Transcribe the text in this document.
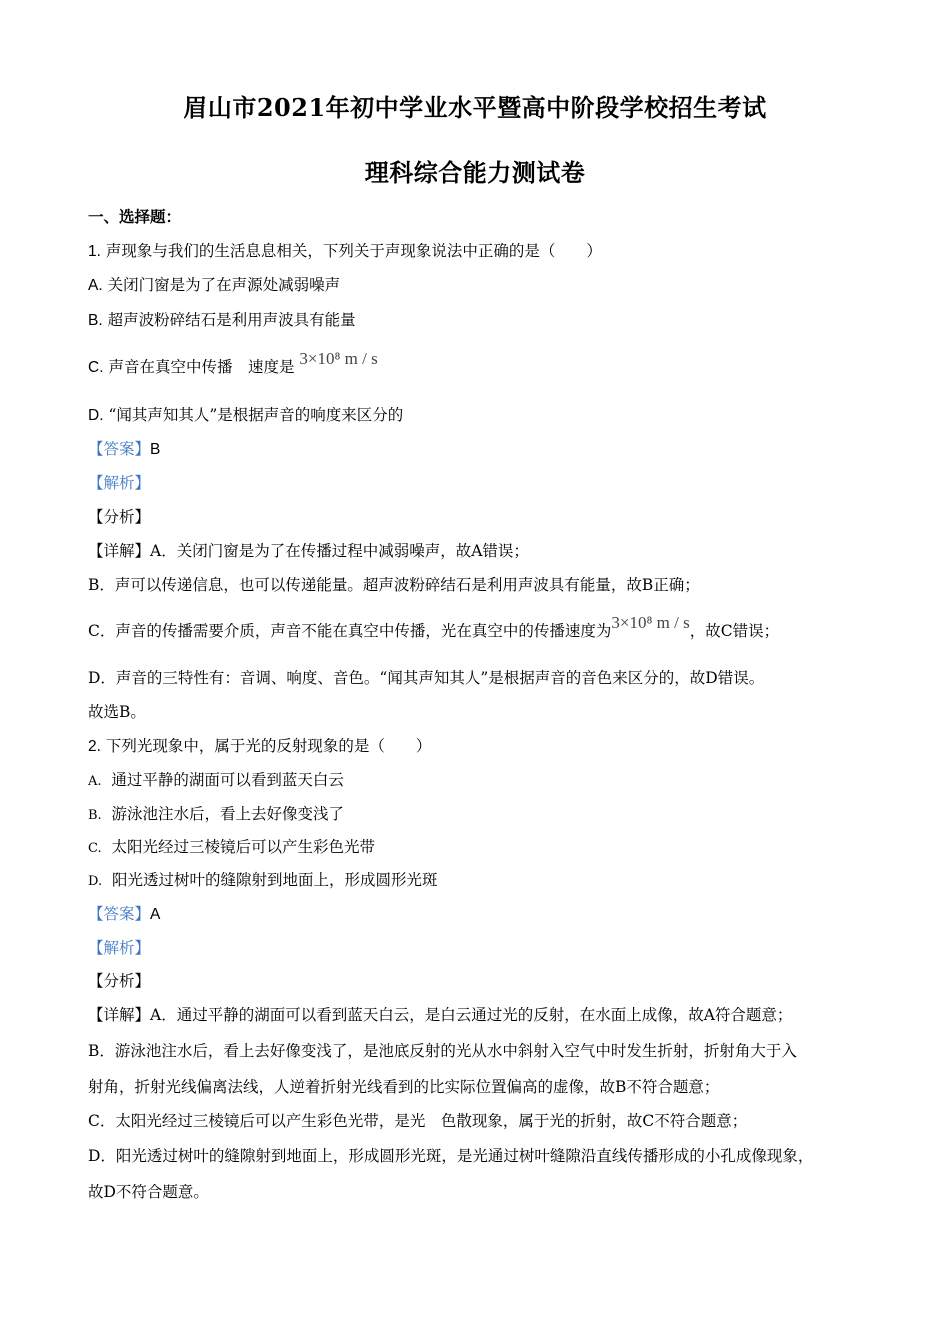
眉山市2021年初中学业水平暨高中阶段学校招生考试
理科综合能力测试卷
一、选择题：
1. 声现象与我们的生活息息相关，下列关于声现象说法中正确的是（　　）
A. 关闭门窗是为了在声源处减弱噪声
B. 超声波粉碎结石是利用声波具有能量
C. 声音在真空中传播　速度是 3×10⁸ m / s
D. “闻其声知其人”是根据声音的响度来区分的
【答案】B
【解析】
【分析】
【详解】A．关闭门窗是为了在传播过程中减弱噪声，故A错误；
B．声可以传递信息，也可以传递能量。超声波粉碎结石是利用声波具有能量，故B正确；
C．声音的传播需要介质，声音不能在真空中传播，光在真空中的传播速度为3×10⁸ m / s，故C错误；
D．声音的三特性有：音调、响度、音色。“闻其声知其人”是根据声音的音色来区分的，故D错误。
故选B。
2. 下列光现象中，属于光的反射现象的是（　　）
A. 通过平静的湖面可以看到蓝天白云
B. 游泳池注水后，看上去好像变浅了
C. 太阳光经过三棱镜后可以产生彩色光带
D. 阳光透过树叶的缝隙射到地面上，形成圆形光斑
【答案】A
【解析】
【分析】
【详解】A．通过平静的湖面可以看到蓝天白云，是白云通过光的反射，在水面上成像，故A符合题意；
B．游泳池注水后，看上去好像变浅了，是池底反射的光从水中斜射入空气中时发生折射，折射角大于入
射角，折射光线偏离法线，人逆着折射光线看到的比实际位置偏高的虚像，故B不符合题意；
C．太阳光经过三棱镜后可以产生彩色光带，是光　色散现象，属于光的折射，故C不符合题意；
D．阳光透过树叶的缝隙射到地面上，形成圆形光斑，是光通过树叶缝隙沿直线传播形成的小孔成像现象，
故D不符合题意。
